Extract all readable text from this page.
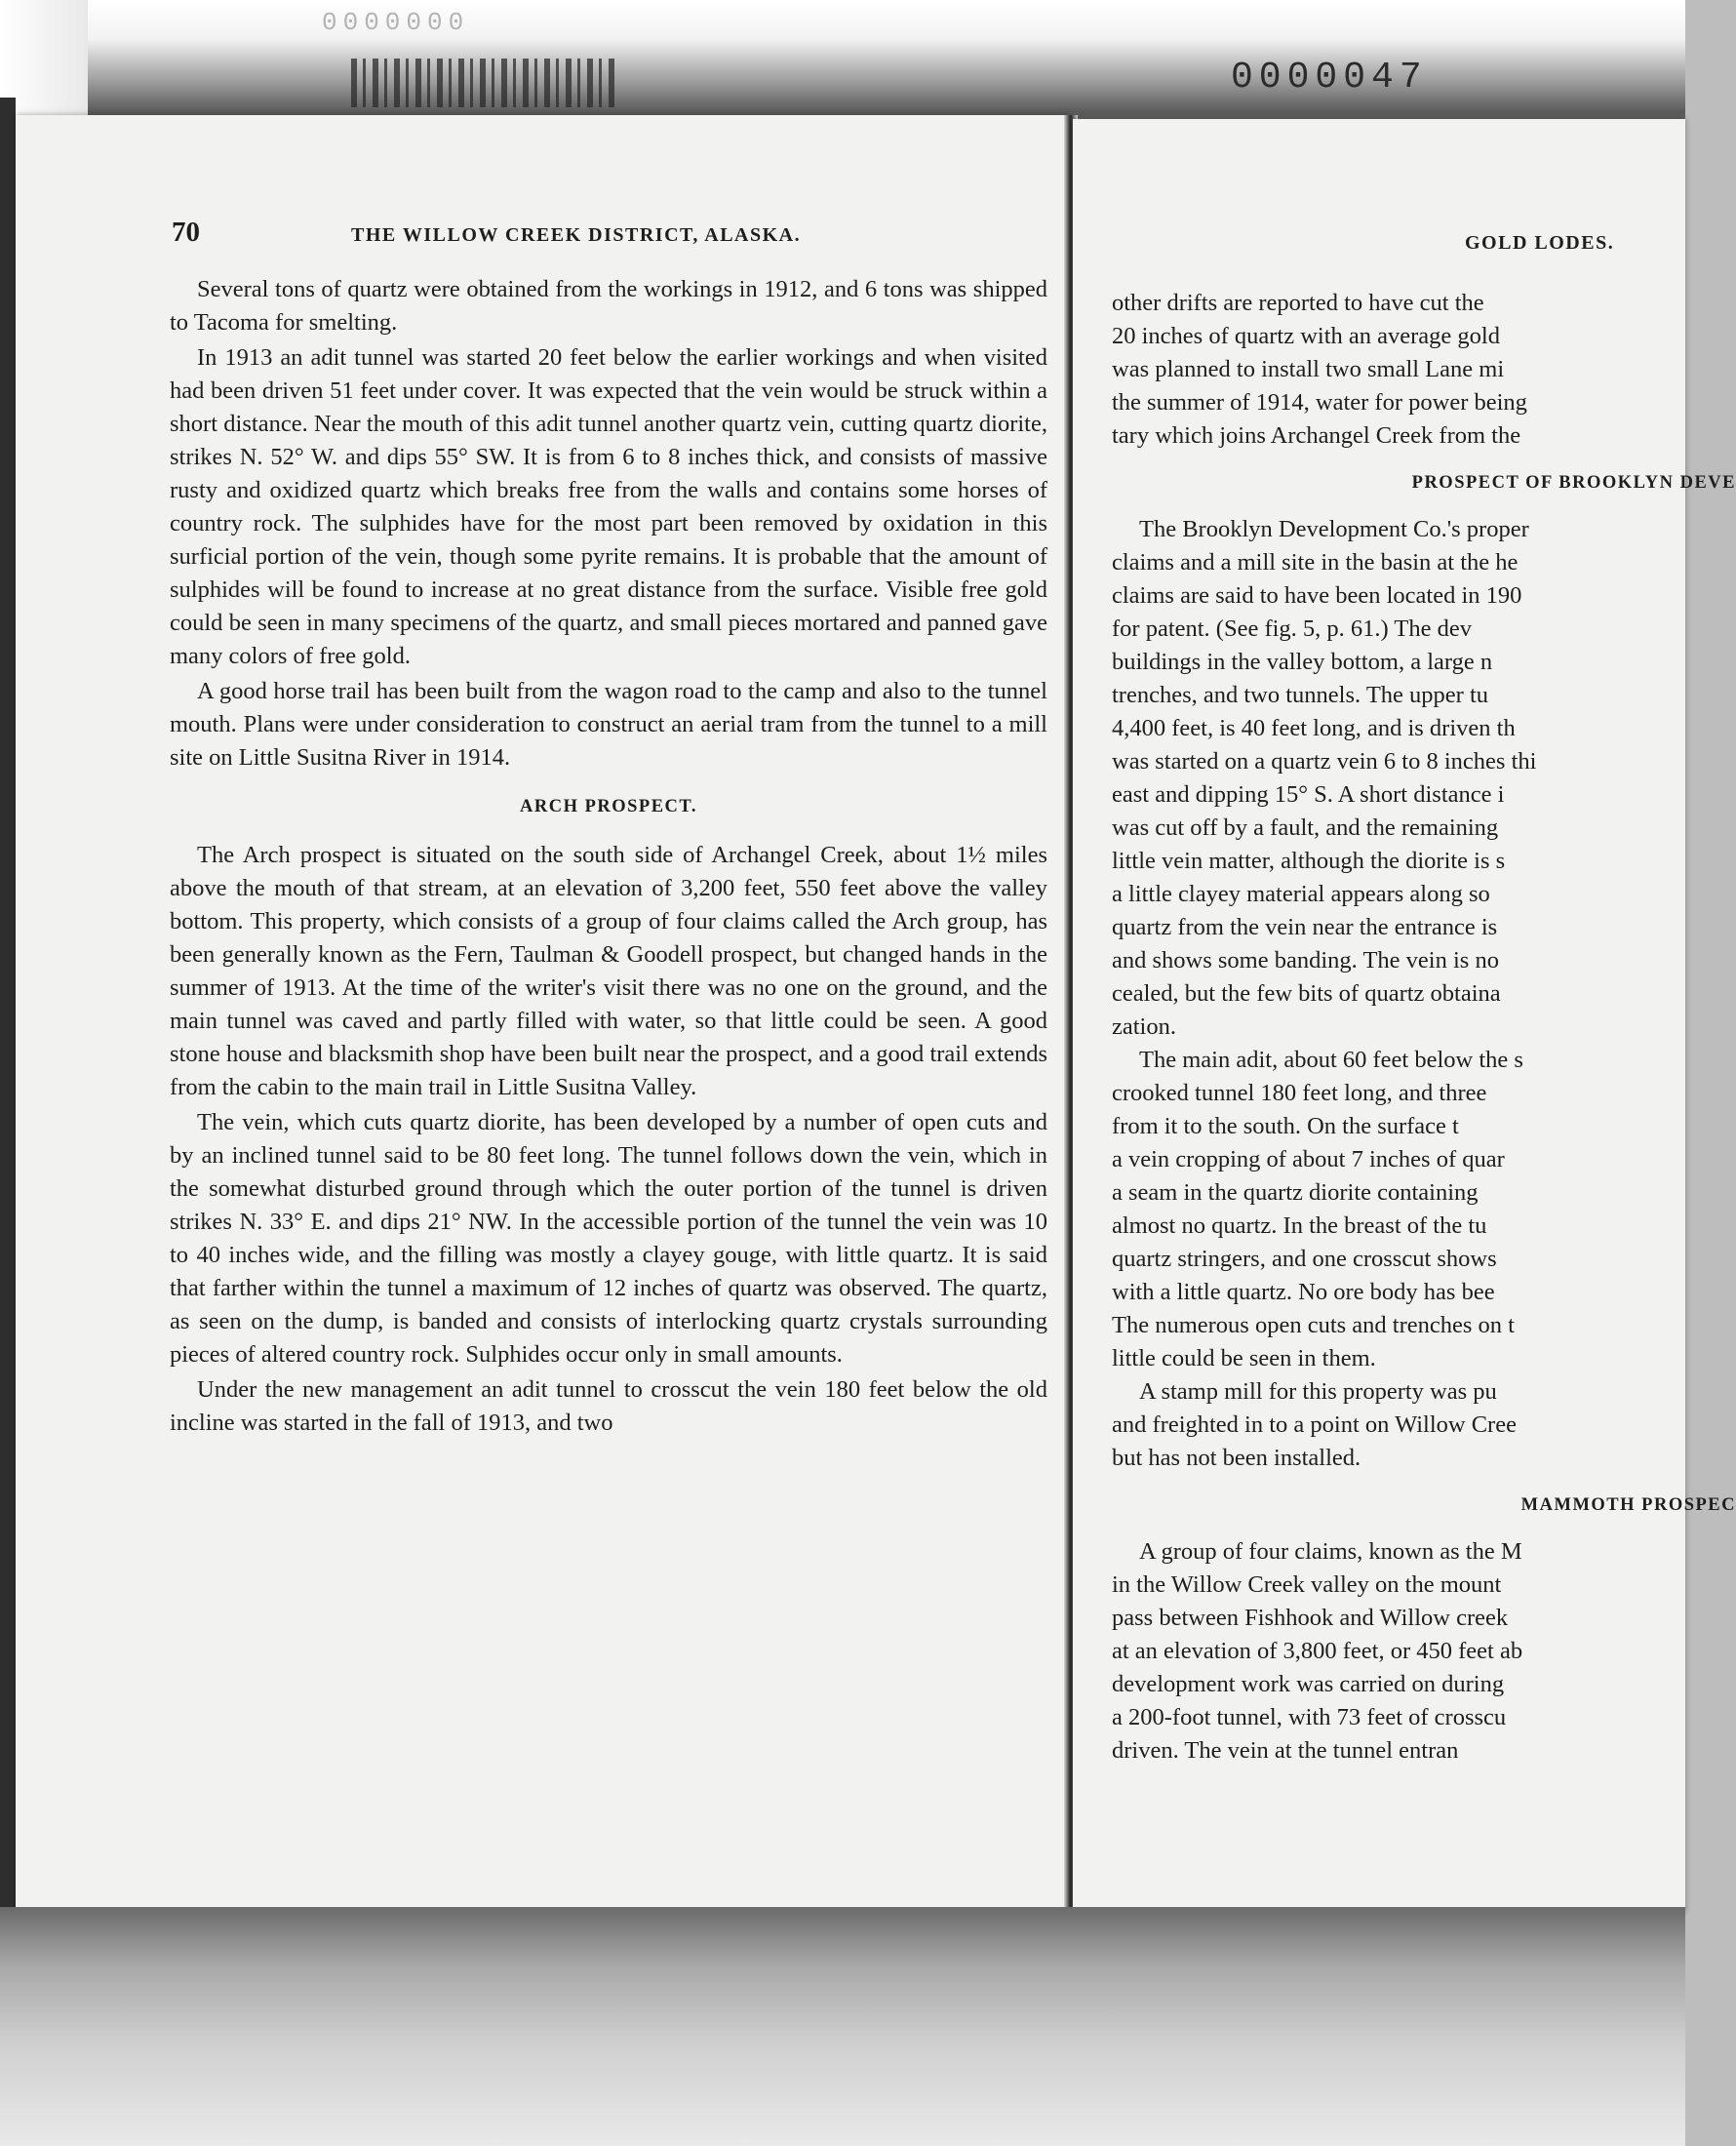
0000000
0000047
70	THE WILLOW CREEK DISTRICT, ALASKA.

Several tons of quartz were obtained from the workings in 1912, and 6 tons was shipped to Tacoma for smelting.

In 1913 an adit tunnel was started 20 feet below the earlier workings and when visited had been driven 51 feet under cover. It was expected that the vein would be struck within a short distance. Near the mouth of this adit tunnel another quartz vein, cutting quartz diorite, strikes N. 52° W. and dips 55° SW. It is from 6 to 8 inches thick, and consists of massive rusty and oxidized quartz which breaks free from the walls and contains some horses of country rock. The sulphides have for the most part been removed by oxidation in this surficial portion of the vein, though some pyrite remains. It is probable that the amount of sulphides will be found to increase at no great distance from the surface. Visible free gold could be seen in many specimens of the quartz, and small pieces mortared and panned gave many colors of free gold.

A good horse trail has been built from the wagon road to the camp and also to the tunnel mouth. Plans were under consideration to construct an aerial tram from the tunnel to a mill site on Little Susitna River in 1914.

ARCH PROSPECT.

The Arch prospect is situated on the south side of Archangel Creek, about 1½ miles above the mouth of that stream, at an elevation of 3,200 feet, 550 feet above the valley bottom. This property, which consists of a group of four claims called the Arch group, has been generally known as the Fern, Taulman & Goodell prospect, but changed hands in the summer of 1913. At the time of the writer's visit there was no one on the ground, and the main tunnel was caved and partly filled with water, so that little could be seen. A good stone house and blacksmith shop have been built near the prospect, and a good trail extends from the cabin to the main trail in Little Susitna Valley.

The vein, which cuts quartz diorite, has been developed by a number of open cuts and by an inclined tunnel said to be 80 feet long. The tunnel follows down the vein, which in the somewhat disturbed ground through which the outer portion of the tunnel is driven strikes N. 33° E. and dips 21° NW. In the accessible portion of the tunnel the vein was 10 to 40 inches wide, and the filling was mostly a clayey gouge, with little quartz. It is said that farther within the tunnel a maximum of 12 inches of quartz was observed. The quartz, as seen on the dump, is banded and consists of interlocking quartz crystals surrounding pieces of altered country rock. Sulphides occur only in small amounts.

Under the new management an adit tunnel to crosscut the vein 180 feet below the old incline was started in the fall of 1913, and two

GOLD LODES.
other drifts are reported to have cut the
20 inches of quartz with an average gold
was planned to install two small Lane mi
the summer of 1914, water for power being
tary which joins Archangel Creek from the
PROSPECT OF BROOKLYN DEVE
The Brooklyn Development Co.'s proper
claims and a mill site in the basin at the he
claims are said to have been located in 190
for patent. (See fig. 5, p. 61.) The dev
buildings in the valley bottom, a large n
trenches, and two tunnels. The upper tu
4,400 feet, is 40 feet long, and is driven th
was started on a quartz vein 6 to 8 inches thi
east and dipping 15° S. A short distance i
was cut off by a fault, and the remaining
little vein matter, although the diorite is s
a little clayey material appears along so
quartz from the vein near the entrance is
and shows some banding. The vein is no
cealed, but the few bits of quartz obtaina
zation.
The main adit, about 60 feet below the s
crooked tunnel 180 feet long, and three
from it to the south. On the surface t
a vein cropping of about 7 inches of quar
a seam in the quartz diorite containing
almost no quartz. In the breast of the tu
quartz stringers, and one crosscut shows
with a little quartz. No ore body has bee
The numerous open cuts and trenches on t
little could be seen in them.
A stamp mill for this property was pu
and freighted in to a point on Willow Cree
but has not been installed.
MAMMOTH PROSPEC
A group of four claims, known as the M
in the Willow Creek valley on the mount
pass between Fishhook and Willow creek
at an elevation of 3,800 feet, or 450 feet ab
development work was carried on during
a 200-foot tunnel, with 73 feet of crosscu
driven. The vein at the tunnel entran
